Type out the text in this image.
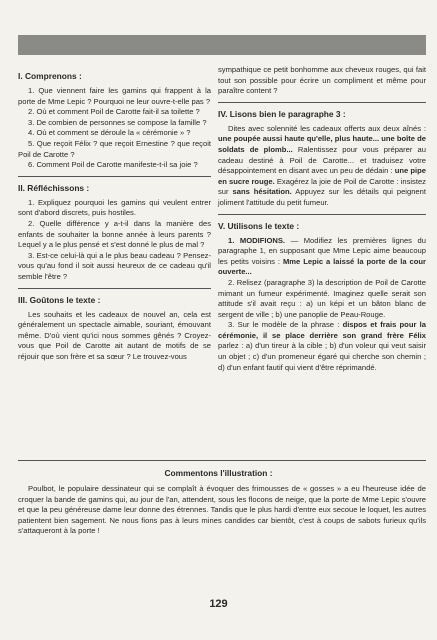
I. Comprenons :

1. Que viennent faire les gamins qui frappent à la porte de Mme Lepic ? Pourquoi ne leur ouvre-t-elle pas ?

2. Où et comment Poil de Carotte fait-il sa toilette ?

3. De combien de personnes se compose la famille ?

4. Où et comment se déroule la « cérémonie » ?

5. Que reçoit Félix ? que reçoit Ernestine ? que reçoit Poil de Carotte ?

6. Comment Poil de Carotte manifeste-t-il sa joie ?

II. Réfléchissons :

1. Expliquez pourquoi les gamins qui veulent entrer sont d'abord discrets, puis hostiles.

2. Quelle différence y a-t-il dans la manière des enfants de souhaiter la bonne année à leurs parents ? Lequel y a le plus pensé et s'est donné le plus de mal ?

3. Est-ce celui-là qui a le plus beau cadeau ? Pensez-vous qu'au fond il soit aussi heureux de ce cadeau qu'il semble l'être ?

III. Goûtons le texte :

Les souhaits et les cadeaux de nouvel an, cela est généralement un spectacle aimable, souriant, émouvant même. D'où vient qu'ici nous sommes gênés ? Croyez-vous que Poil de Carotte ait autant de motifs de se réjouir que son frère et sa sœur ? Le trouvez-vous

sympathique ce petit bonhomme aux cheveux rouges, qui fait tout son possible pour écrire un compliment et même pour paraître content ?

IV. Lisons bien le paragraphe 3 :

Dites avec solennité les cadeaux offerts aux deux aînés : une poupée aussi haute qu'elle, plus haute... une boîte de soldats de plomb... Ralentissez pour vous préparer au cadeau destiné à Poil de Carotte... et traduisez votre désappointement en disant avec un peu de dédain : une pipe en sucre rouge. Exagérez la joie de Poil de Carotte : insistez sur sans hésitation. Appuyez sur les détails qui peignent joliment l'attitude du petit fumeur.

V. Utilisons le texte :

1. MODIFIONS. — Modifiez les premières lignes du paragraphe 1, en supposant que Mme Lepic aime beaucoup les petits voisins : Mme Lepic a laissé la porte de la cour ouverte...

2. Relisez (paragraphe 3) la description de Poil de Carotte mimant un fumeur expérimenté. Imaginez quelle serait son attitude s'il avait reçu : a) un képi et un bâton blanc de sergent de ville ; b) une panoplie de Peau-Rouge.

3. Sur le modèle de la phrase : dispos et frais pour la cérémonie, il se place derrière son grand frère Félix parlez : a) d'un tireur à la cible ; b) d'un voleur qui veut saisir un objet ; c) d'un promeneur égaré qui cherche son chemin ; d) d'un enfant fautif qui vient d'être réprimandé.

Commentons l'illustration :

Poulbot, le populaire dessinateur qui se complaît à évoquer des frimousses de « gosses » a eu l'heureuse idée de croquer la bande de gamins qui, au jour de l'an, attendent, sous les flocons de neige, que la porte de Mme Lepic s'ouvre et que la peu généreuse dame leur donne des étrennes. Tandis que le plus hardi d'entre eux secoue le loquet, les autres patientent bien sagement. Ne nous fions pas à leurs mines candides car bientôt, c'est à coups de sabots furieux qu'ils s'attaqueront à la porte !

129
